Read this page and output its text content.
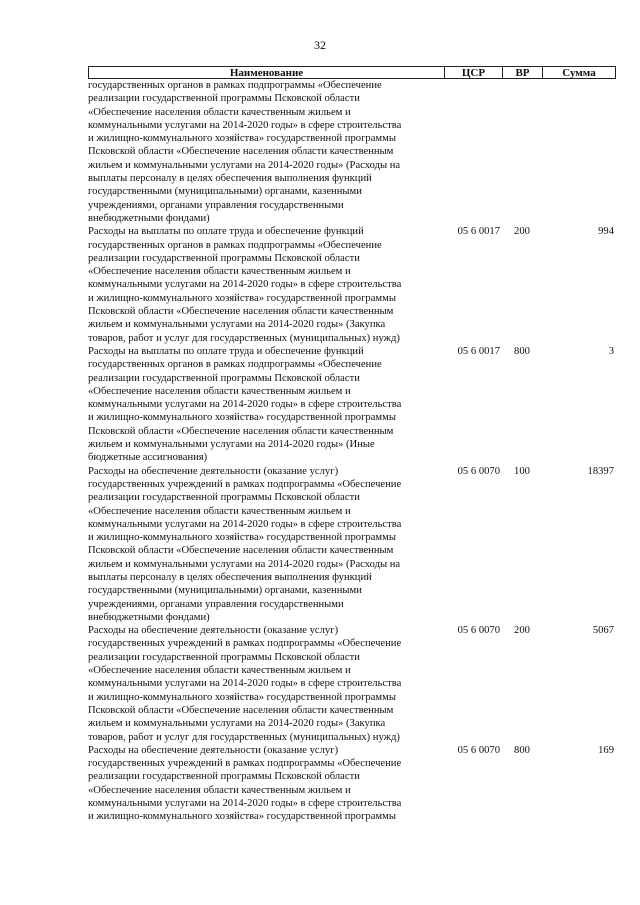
32
Наименование	ЦСР	ВР	Сумма
государственных органов в рамках подпрограммы «Обеспечение
реализации государственной программы Псковской области
«Обеспечение населения области качественным жильем и
коммунальными услугами на 2014-2020 годы» в сфере строительства
и жилищно-коммунального хозяйства» государственной программы
Псковской области «Обеспечение населения области качественным
жильем и коммунальными услугами на 2014-2020 годы» (Расходы на
выплаты персоналу в целях обеспечения выполнения функций
государственными (муниципальными) органами, казенными
учреждениями, органами управления государственными
внебюджетными фондами)
Расходы на выплаты по оплате труда и обеспечение функций
государственных органов в рамках подпрограммы «Обеспечение
реализации государственной программы Псковской области
«Обеспечение населения области качественным жильем и
коммунальными услугами на 2014-2020 годы» в сфере строительства
и жилищно-коммунального хозяйства» государственной программы
Псковской области «Обеспечение населения области качественным
жильем и коммунальными услугами на 2014-2020 годы» (Закупка
товаров, работ и услуг для государственных (муниципальных) нужд)
05 6 0017	200	994
Расходы на выплаты по оплате труда и обеспечение функций
государственных органов в рамках подпрограммы «Обеспечение
реализации государственной программы Псковской области
«Обеспечение населения области качественным жильем и
коммунальными услугами на 2014-2020 годы» в сфере строительства
и жилищно-коммунального хозяйства» государственной программы
Псковской области «Обеспечение населения области качественным
жильем и коммунальными услугами на 2014-2020 годы» (Иные
бюджетные ассигнования)
05 6 0017	800	3
Расходы на обеспечение деятельности (оказание услуг)
государственных учреждений в рамках подпрограммы «Обеспечение
реализации государственной программы Псковской области
«Обеспечение населения области качественным жильем и
коммунальными услугами на 2014-2020 годы» в сфере строительства
и жилищно-коммунального хозяйства» государственной программы
Псковской области «Обеспечение населения области качественным
жильем и коммунальными услугами на 2014-2020 годы» (Расходы на
выплаты персоналу в целях обеспечения выполнения функций
государственными (муниципальными) органами, казенными
учреждениями, органами управления государственными
внебюджетными фондами)
05 6 0070	100	18397
Расходы на обеспечение деятельности (оказание услуг)
государственных учреждений в рамках подпрограммы «Обеспечение
реализации государственной программы Псковской области
«Обеспечение населения области качественным жильем и
коммунальными услугами на 2014-2020 годы» в сфере строительства
и жилищно-коммунального хозяйства» государственной программы
Псковской области «Обеспечение населения области качественным
жильем и коммунальными услугами на 2014-2020 годы» (Закупка
товаров, работ и услуг для государственных (муниципальных) нужд)
05 6 0070	200	5067
Расходы на обеспечение деятельности (оказание услуг)
государственных учреждений в рамках подпрограммы «Обеспечение
реализации государственной программы Псковской области
«Обеспечение населения области качественным жильем и
коммунальными услугами на 2014-2020 годы» в сфере строительства
и жилищно-коммунального хозяйства» государственной программы
05 6 0070	800	169
